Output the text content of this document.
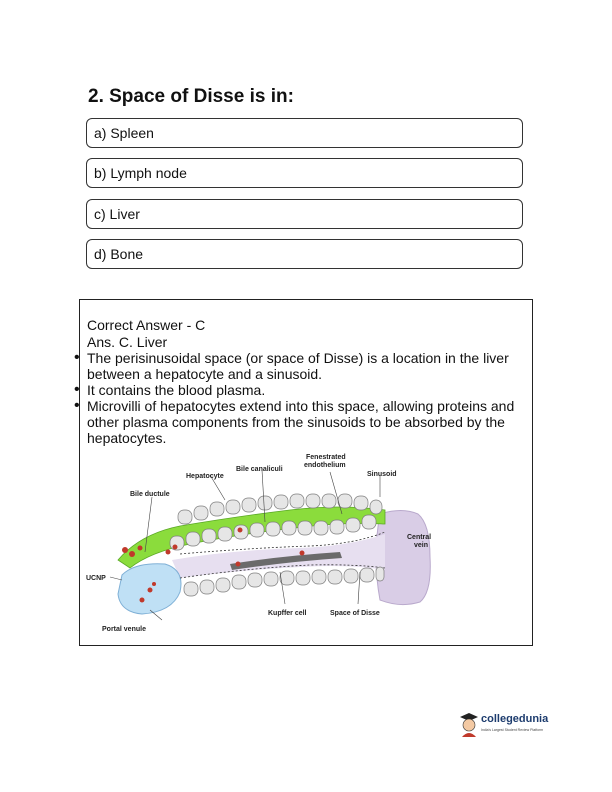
2. Space of Disse is in:
a) Spleen
b) Lymph node
c) Liver
d) Bone
Correct Answer - C
Ans. C. Liver
• The perisinusoidal space (or space of Disse) is a location in the liver between a hepatocyte and a sinusoid.
• It contains the blood plasma.
• Microvilli of hepatocytes extend into this space, allowing proteins and other plasma components from the sinusoids to be absorbed by the hepatocytes.
Hepatocyte
Bile canaliculi
Fenestrated
endothelium
Sinusoid
Bile ductule
Central
vein
UCNP
Kupffer cell	Space of Disse
Portal venule
collegedunia
India's Largest Student Review Platform
